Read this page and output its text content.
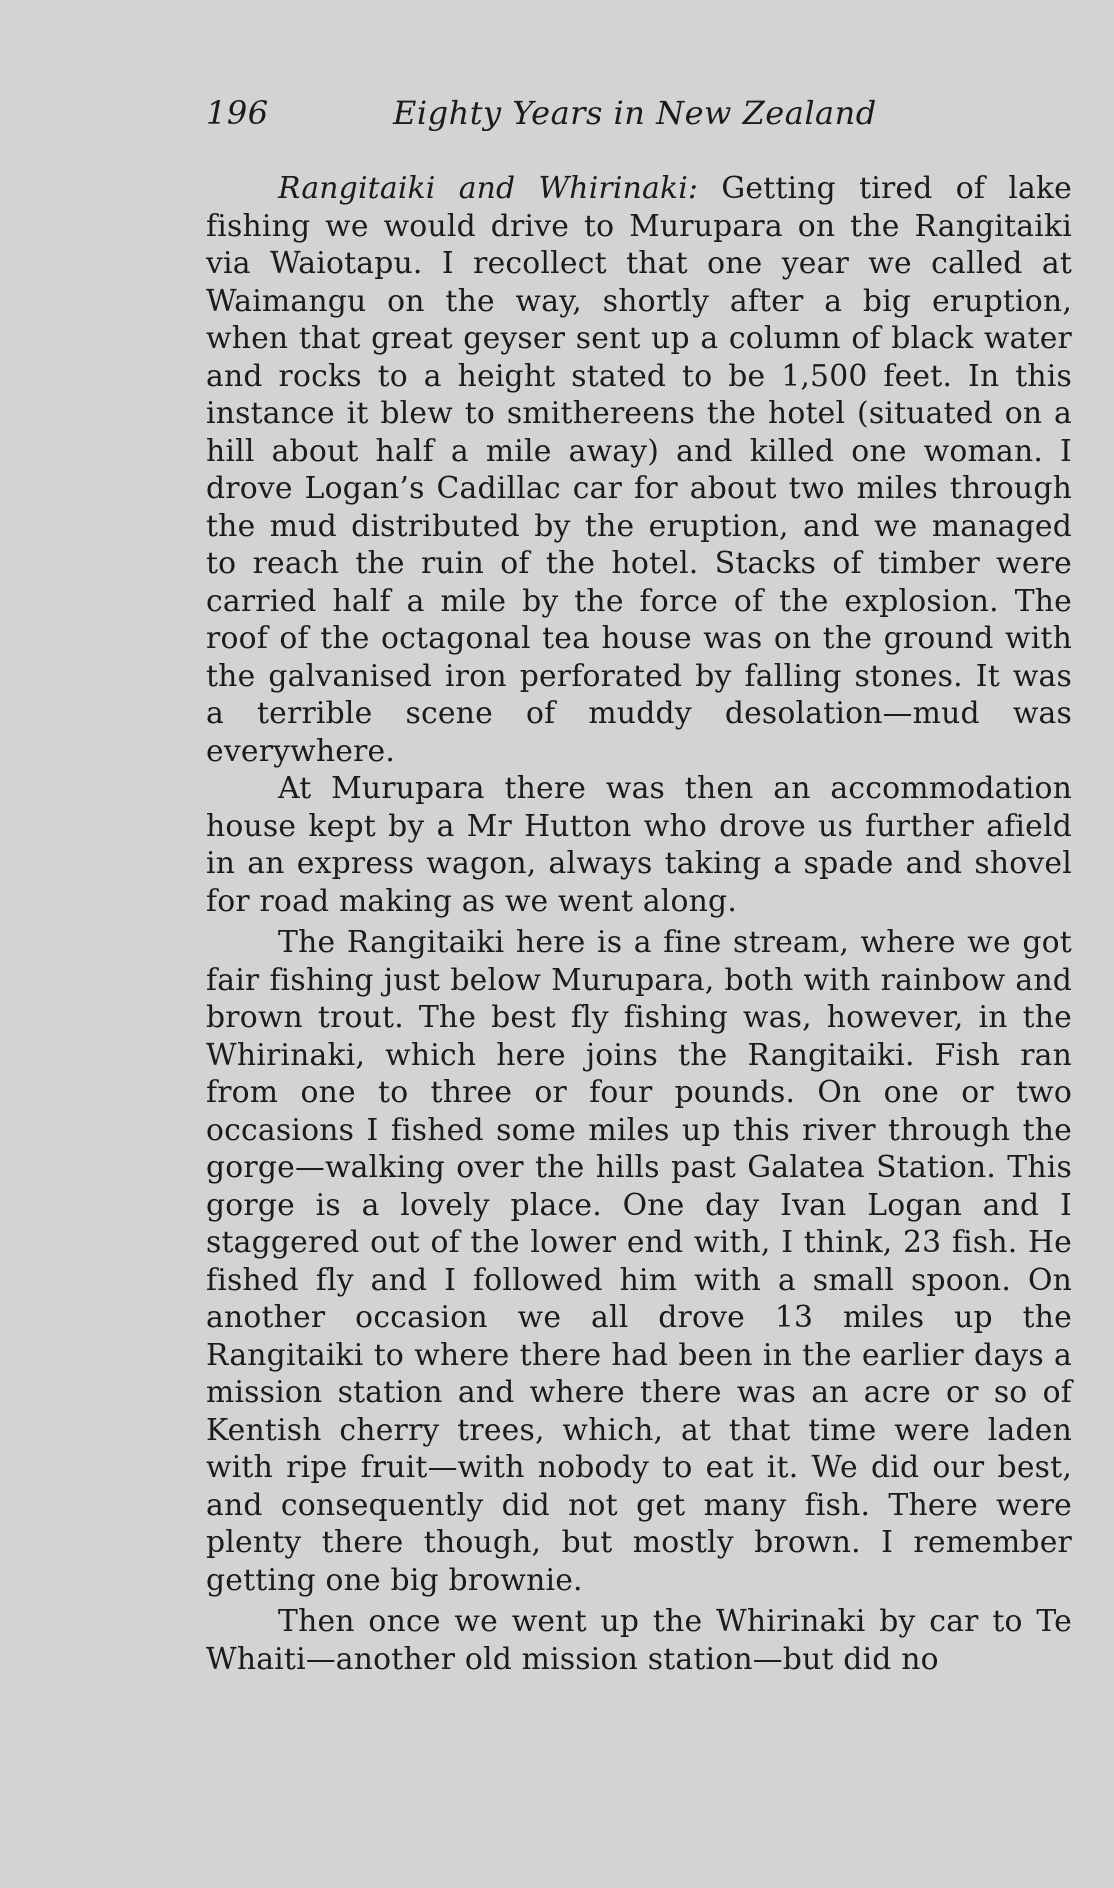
196	Eighty Years in New Zealand

Rangitaiki and Whirinaki: Getting tired of lake fishing we would drive to Murupara on the Rangitaiki via Waiotapu. I recollect that one year we called at Waimangu on the way, shortly after a big eruption, when that great geyser sent up a column of black water and rocks to a height stated to be 1,500 feet. In this instance it blew to smithereens the hotel (situated on a hill about half a mile away) and killed one woman. I drove Logan’s Cadillac car for about two miles through the mud distributed by the eruption, and we managed to reach the ruin of the hotel. Stacks of timber were carried half a mile by the force of the explosion. The roof of the octagonal tea house was on the ground with the galvanised iron perforated by falling stones. It was a terrible scene of muddy desolation—mud was everywhere.

At Murupara there was then an accommodation house kept by a Mr Hutton who drove us further afield in an express wagon, always taking a spade and shovel for road making as we went along.

The Rangitaiki here is a fine stream, where we got fair fishing just below Murupara, both with rainbow and brown trout. The best fly fishing was, however, in the Whirinaki, which here joins the Rangitaiki. Fish ran from one to three or four pounds. On one or two occasions I fished some miles up this river through the gorge—walking over the hills past Galatea Station. This gorge is a lovely place. One day Ivan Logan and I staggered out of the lower end with, I think, 23 fish. He fished fly and I followed him with a small spoon. On another occasion we all drove 13 miles up the Rangitaiki to where there had been in the earlier days a mission station and where there was an acre or so of Kentish cherry trees, which, at that time were laden with ripe fruit—with nobody to eat it. We did our best, and consequently did not get many fish. There were plenty there though, but mostly brown. I remember getting one big brownie.

Then once we went up the Whirinaki by car to Te Whaiti—another old mission station—but did no
